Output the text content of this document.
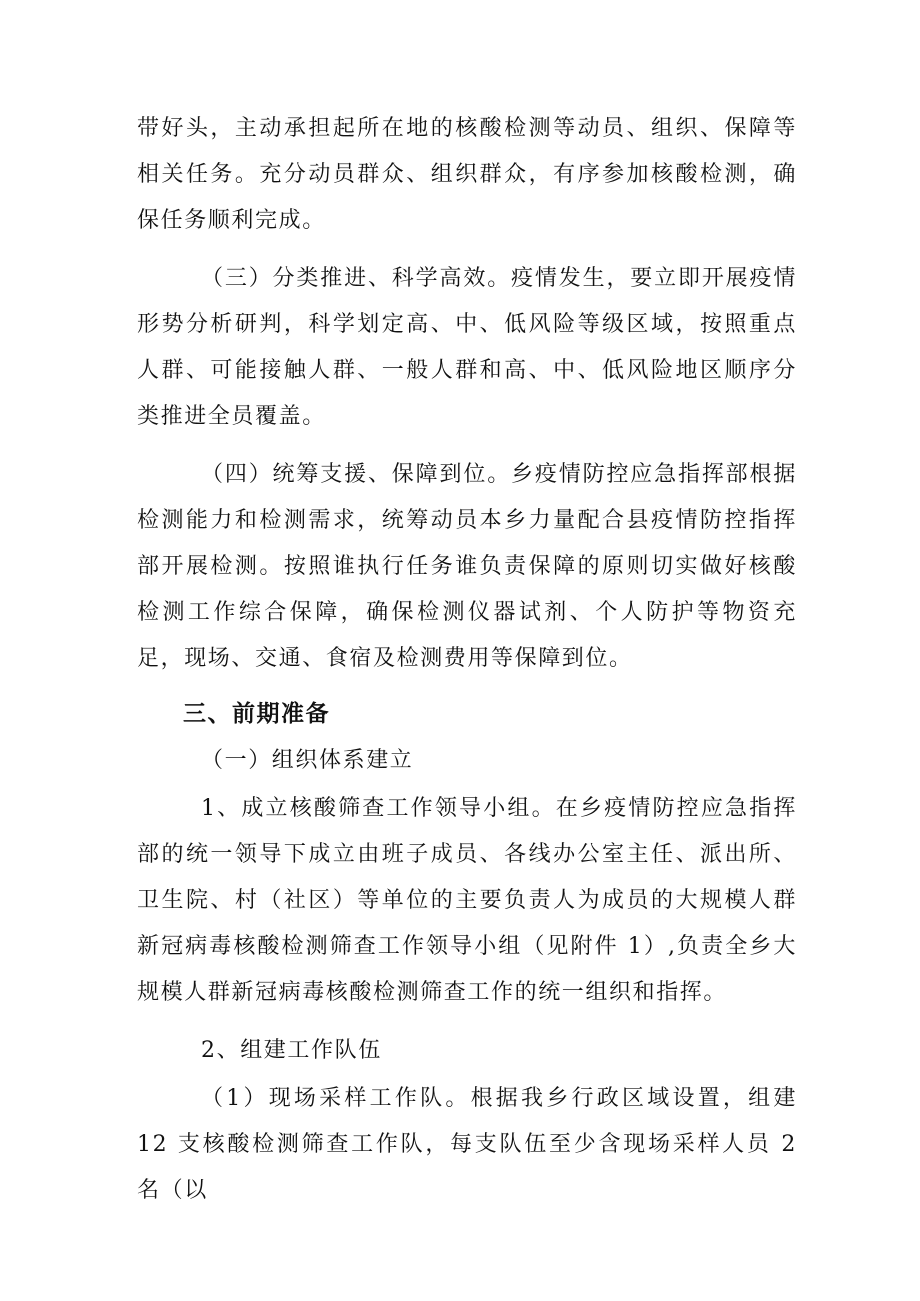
带好头，主动承担起所在地的核酸检测等动员、组织、保障等相关任务。充分动员群众、组织群众，有序参加核酸检测，确保任务顺利完成。

（三）分类推进、科学高效。疫情发生，要立即开展疫情形势分析研判，科学划定高、中、低风险等级区域，按照重点人群、可能接触人群、一般人群和高、中、低风险地区顺序分类推进全员覆盖。

（四）统筹支援、保障到位。乡疫情防控应急指挥部根据检测能力和检测需求，统筹动员本乡力量配合县疫情防控指挥部开展检测。按照谁执行任务谁负责保障的原则切实做好核酸检测工作综合保障，确保检测仪器试剂、个人防护等物资充足，现场、交通、食宿及检测费用等保障到位。

三、前期准备

（一）组织体系建立

1、成立核酸筛查工作领导小组。在乡疫情防控应急指挥部的统一领导下成立由班子成员、各线办公室主任、派出所、卫生院、村（社区）等单位的主要负责人为成员的大规模人群新冠病毒核酸检测筛查工作领导小组（见附件 1）,负责全乡大规模人群新冠病毒核酸检测筛查工作的统一组织和指挥。

2、组建工作队伍

（1）现场采样工作队。根据我乡行政区域设置，组建 12 支核酸检测筛查工作队，每支队伍至少含现场采样人员 2 名（以
